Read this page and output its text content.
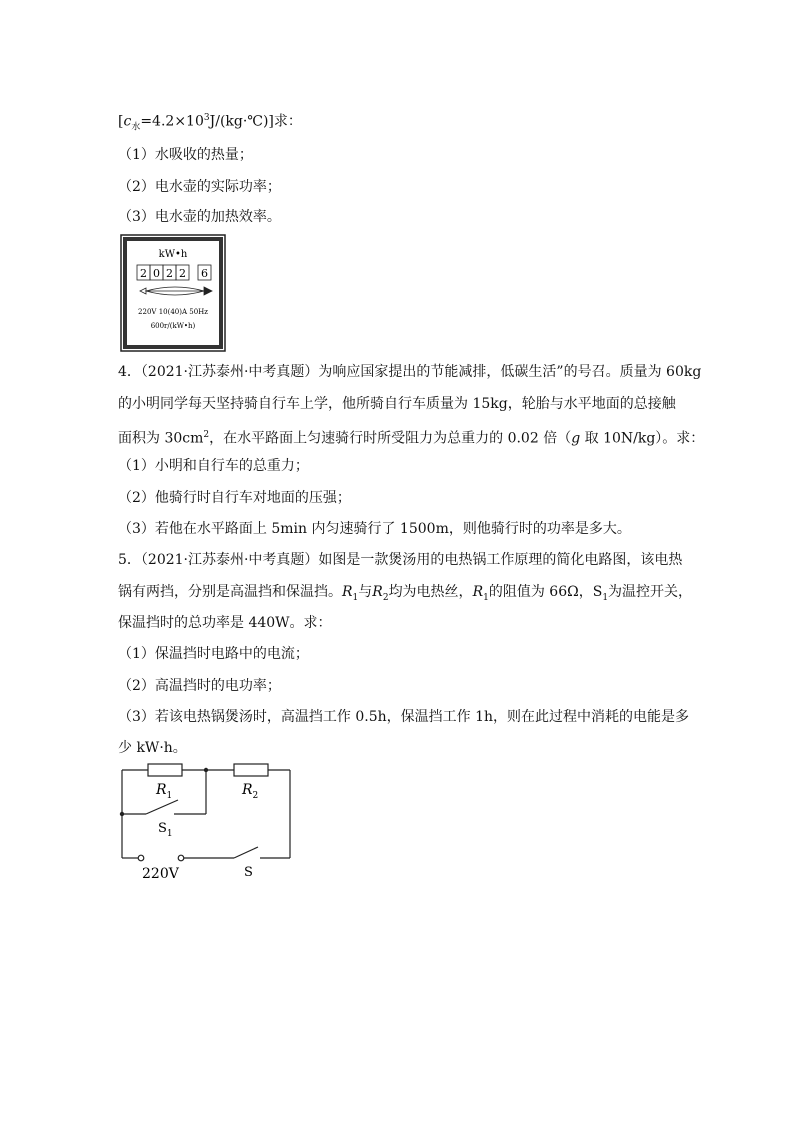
$[c_水=4.2\times 10^3J/(kg\cdot℃)]$求：
（1）水吸收的热量；
（2）电水壶的实际功率；
（3）电水壶的加热效率。
kW•h
2 0 2 2 6
220V 10(40)A 50Hz
600r/(kW•h)
4．（2021·江苏泰州·中考真题）为响应国家提出的节能减排，低碳生活”的号召。质量为 60kg
的小明同学每天坚持骑自行车上学，他所骑自行车质量为 15kg，轮胎与水平地面的总接触
面积为 $30cm^2$，在水平路面上匀速骑行时所受阻力为总重力的 0.02 倍（g 取 10N/kg）。求：
（1）小明和自行车的总重力；
（2）他骑行时自行车对地面的压强；
（3）若他在水平路面上 5min 内匀速骑行了 1500m，则他骑行时的功率是多大。
5．（2021·江苏泰州·中考真题）如图是一款煲汤用的电热锅工作原理的简化电路图，该电热
锅有两挡，分别是高温挡和保温挡。$R_1$与$R_2$均为电热丝，$R_1$的阻值为 66Ω，$S_1$为温控开关，
保温挡时的总功率是 440W。求：
（1）保温挡时电路中的电流；
（2）高温挡时的电功率；
（3）若该电热锅煲汤时，高温挡工作 0.5h，保温挡工作 1h，则在此过程中消耗的电能是多
少 kW·h。
$R_1$	$R_2$
$S_1$
S
220V
